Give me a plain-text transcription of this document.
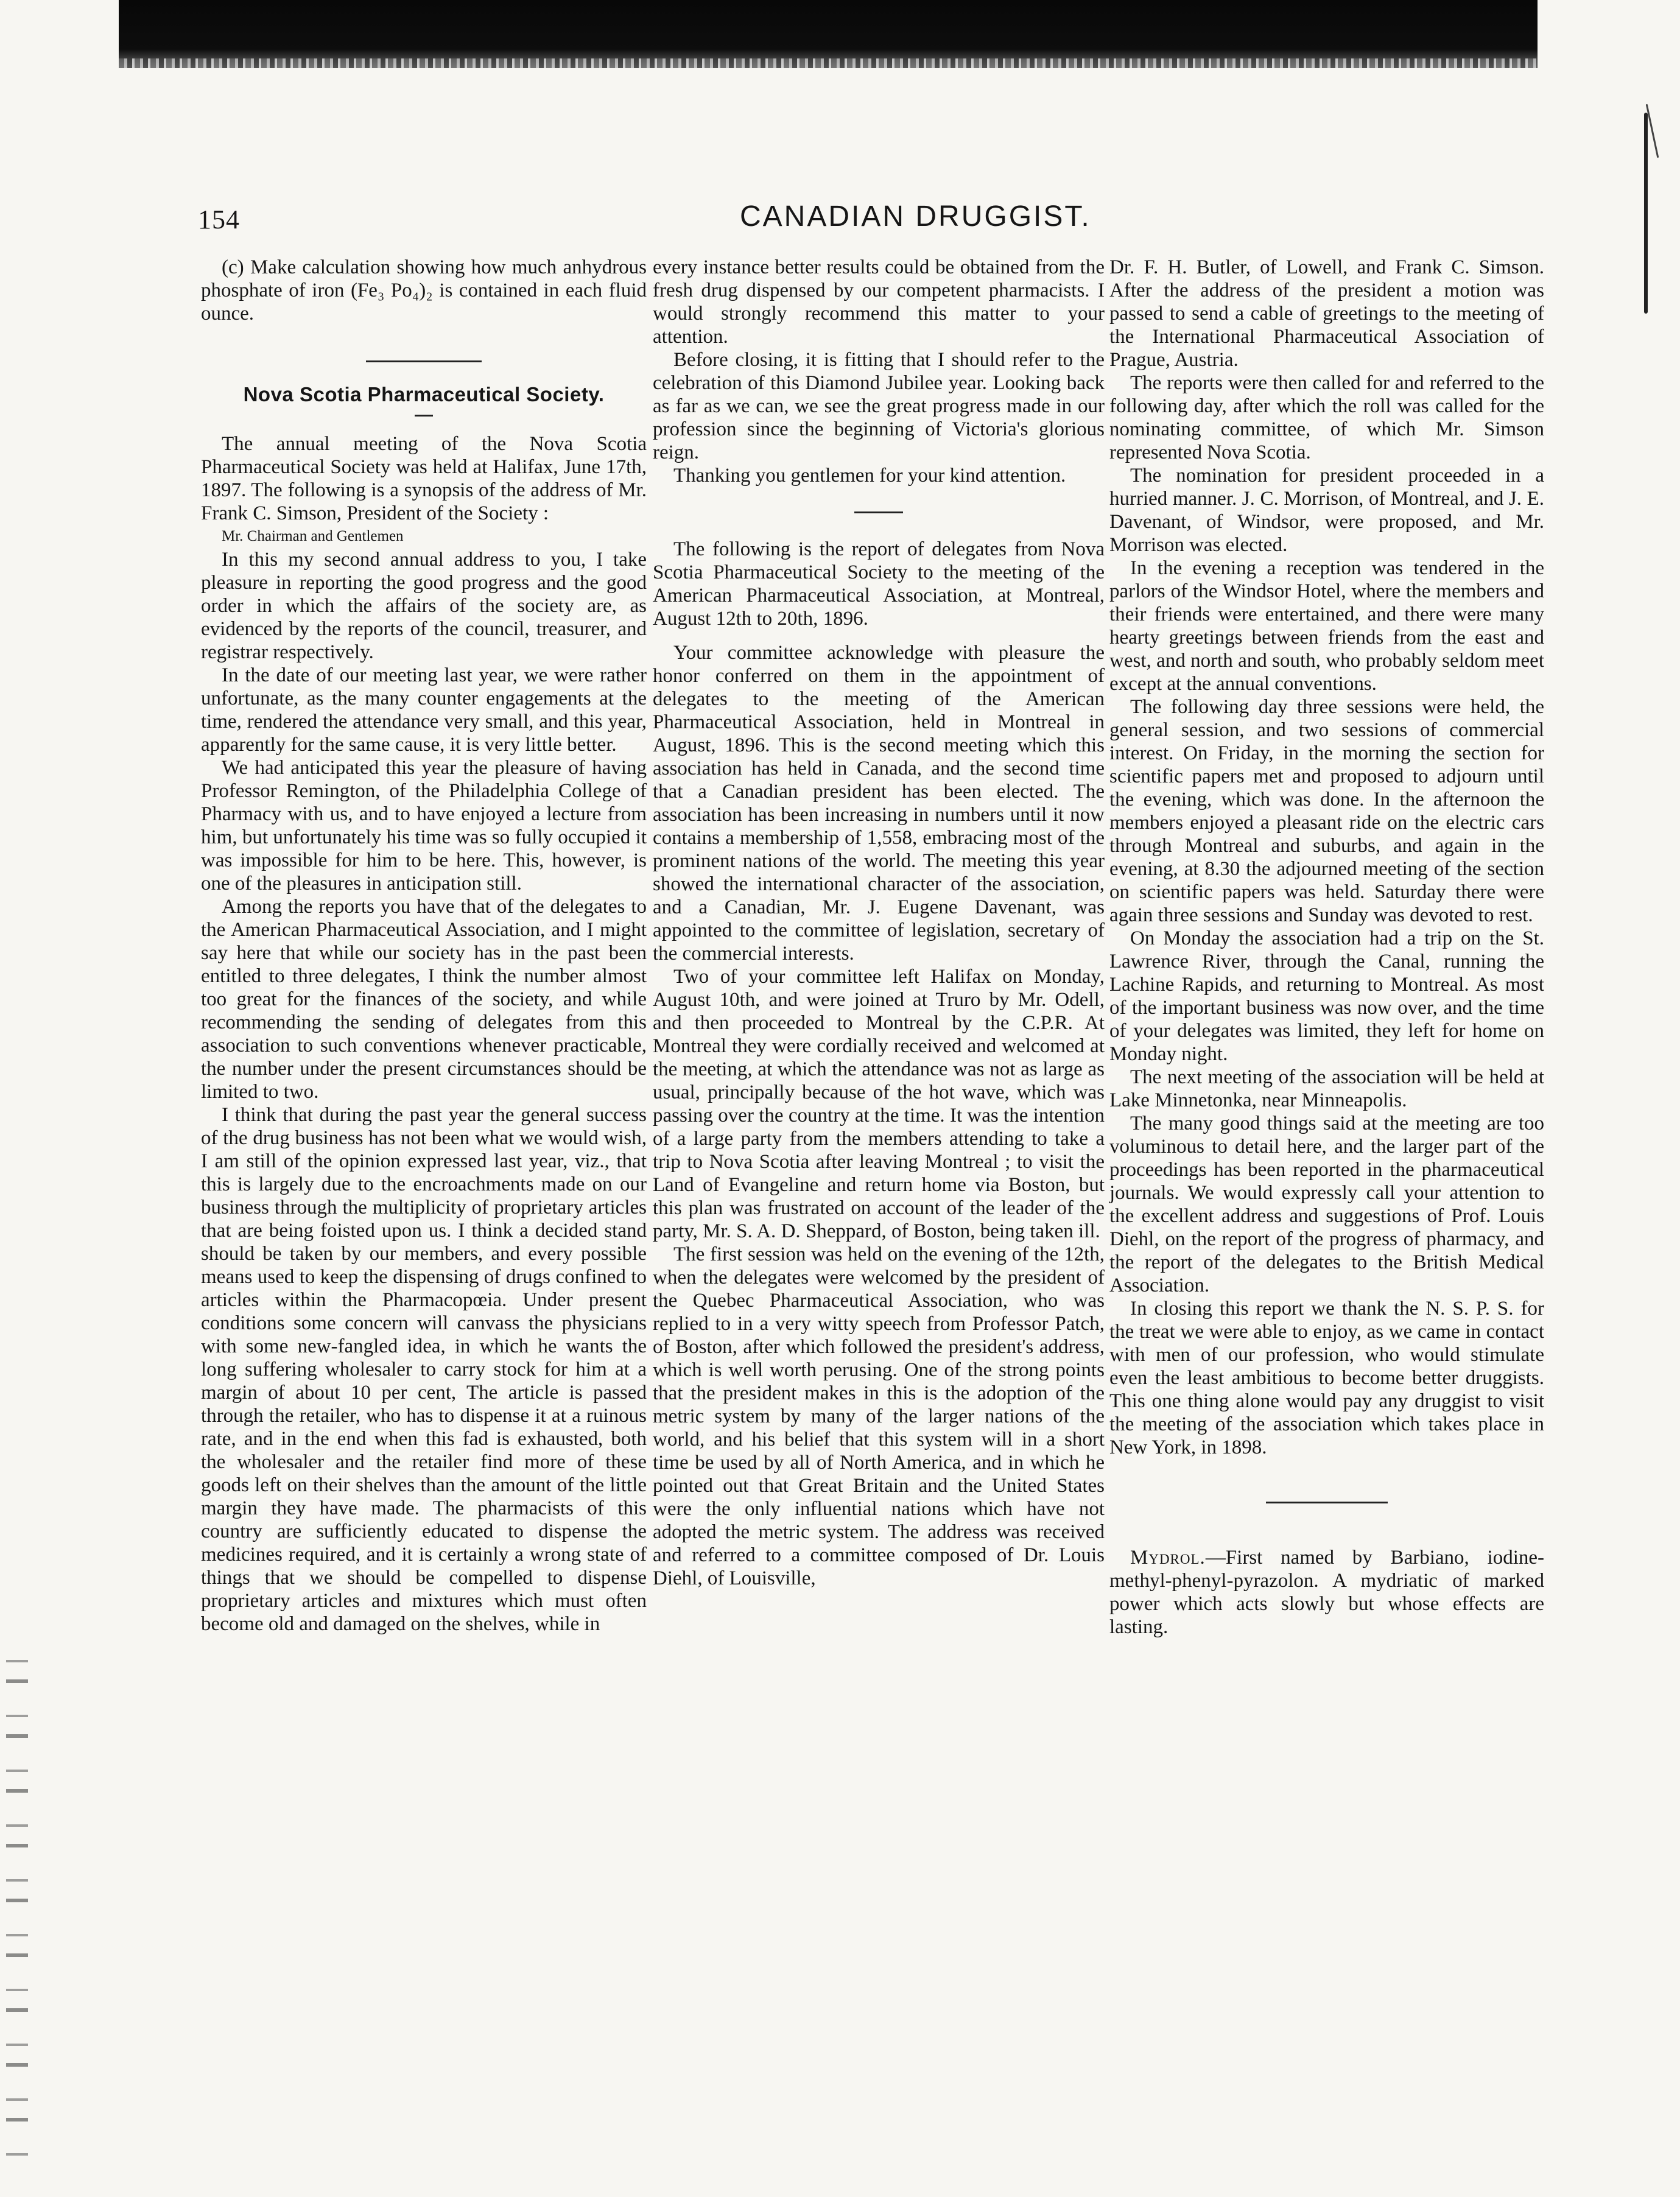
154	CANADIAN DRUGGIST.

(c) Make calculation showing how much anhydrous phosphate of iron (Fe₃ Po₄)₂ is contained in each fluid ounce.

Nova Scotia Pharmaceutical Society.

The annual meeting of the Nova Scotia Pharmaceutical Society was held at Halifax, June 17th, 1897. The following is a synopsis of the address of Mr. Frank C. Simson, President of the Society :

Mr. Chairman and Gentlemen

In this my second annual address to you, I take pleasure in reporting the good progress and the good order in which the affairs of the society are, as evidenced by the reports of the council, treasurer, and registrar respectively.

In the date of our meeting last year, we were rather unfortunate, as the many counter engagements at the time, rendered the attendance very small, and this year, apparently for the same cause, it is very little better.

We had anticipated this year the pleasure of having Professor Remington, of the Philadelphia College of Pharmacy with us, and to have enjoyed a lecture from him, but unfortunately his time was so fully occupied it was impossible for him to be here. This, however, is one of the pleasures in anticipation still.

Among the reports you have that of the delegates to the American Pharmaceutical Association, and I might say here that while our society has in the past been entitled to three delegates, I think the number almost too great for the finances of the society, and while recommending the sending of delegates from this association to such conventions whenever practicable, the number under the present circumstances should be limited to two.

I think that during the past year the general success of the drug business has not been what we would wish, I am still of the opinion expressed last year, viz., that this is largely due to the encroachments made on our business through the multiplicity of proprietary articles that are being foisted upon us. I think a decided stand should be taken by our members, and every possible means used to keep the dispensing of drugs confined to articles within the Pharmacopœia. Under present conditions some concern will canvass the physicians with some new-fangled idea, in which he wants the long suffering wholesaler to carry stock for him at a margin of about 10 per cent, The article is passed through the retailer, who has to dispense it at a ruinous rate, and in the end when this fad is exhausted, both the wholesaler and the retailer find more of these goods left on their shelves than the amount of the little margin they have made. The pharmacists of this country are sufficiently educated to dispense the medicines required, and it is certainly a wrong state of things that we should be compelled to dispense proprietary articles and mixtures which must often become old and damaged on the shelves, while in

every instance better results could be obtained from the fresh drug dispensed by our competent pharmacists. I would strongly recommend this matter to your attention.

Before closing, it is fitting that I should refer to the celebration of this Diamond Jubilee year. Looking back as far as we can, we see the great progress made in our profession since the beginning of Victoria's glorious reign.

Thanking you gentlemen for your kind attention.

The following is the report of delegates from Nova Scotia Pharmaceutical Society to the meeting of the American Pharmaceutical Association, at Montreal, August 12th to 20th, 1896.

Your committee acknowledge with pleasure the honor conferred on them in the appointment of delegates to the meeting of the American Pharmaceutical Association, held in Montreal in August, 1896. This is the second meeting which this association has held in Canada, and the second time that a Canadian president has been elected. The association has been increasing in numbers until it now contains a membership of 1,558, embracing most of the prominent nations of the world. The meeting this year showed the international character of the association, and a Canadian, Mr. J. Eugene Davenant, was appointed to the committee of legislation, secretary of the commercial interests.

Two of your committee left Halifax on Monday, August 10th, and were joined at Truro by Mr. Odell, and then proceeded to Montreal by the C.P.R. At Montreal they were cordially received and welcomed at the meeting, at which the attendance was not as large as usual, principally because of the hot wave, which was passing over the country at the time. It was the intention of a large party from the members attending to take a trip to Nova Scotia after leaving Montreal ; to visit the Land of Evangeline and return home via Boston, but this plan was frustrated on account of the leader of the party, Mr. S. A. D. Sheppard, of Boston, being taken ill.

The first session was held on the evening of the 12th, when the delegates were welcomed by the president of the Quebec Pharmaceutical Association, who was replied to in a very witty speech from Professor Patch, of Boston, after which followed the president's address, which is well worth perusing. One of the strong points that the president makes in this is the adoption of the metric system by many of the larger nations of the world, and his belief that this system will in a short time be used by all of North America, and in which he pointed out that Great Britain and the United States were the only influential nations which have not adopted the metric system. The address was received and referred to a committee composed of Dr. Louis Diehl, of Louisville,

Dr. F. H. Butler, of Lowell, and Frank C. Simson. After the address of the president a motion was passed to send a cable of greetings to the meeting of the International Pharmaceutical Association of Prague, Austria.

The reports were then called for and referred to the following day, after which the roll was called for the nominating committee, of which Mr. Simson represented Nova Scotia.

The nomination for president proceeded in a hurried manner. J. C. Morrison, of Montreal, and J. E. Davenant, of Windsor, were proposed, and Mr. Morrison was elected.

In the evening a reception was tendered in the parlors of the Windsor Hotel, where the members and their friends were entertained, and there were many hearty greetings between friends from the east and west, and north and south, who probably seldom meet except at the annual conventions.

The following day three sessions were held, the general session, and two sessions of commercial interest. On Friday, in the morning the section for scientific papers met and proposed to adjourn until the evening, which was done. In the afternoon the members enjoyed a pleasant ride on the electric cars through Montreal and suburbs, and again in the evening, at 8.30 the adjourned meeting of the section on scientific papers was held. Saturday there were again three sessions and Sunday was devoted to rest.

On Monday the association had a trip on the St. Lawrence River, through the Canal, running the Lachine Rapids, and returning to Montreal. As most of the important business was now over, and the time of your delegates was limited, they left for home on Monday night.

The next meeting of the association will be held at Lake Minnetonka, near Minneapolis.

The many good things said at the meeting are too voluminous to detail here, and the larger part of the proceedings has been reported in the pharmaceutical journals. We would expressly call your attention to the excellent address and suggestions of Prof. Louis Diehl, on the report of the progress of pharmacy, and the report of the delegates to the British Medical Association.

In closing this report we thank the N. S. P. S. for the treat we were able to enjoy, as we came in contact with men of our profession, who would stimulate even the least ambitious to become better druggists. This one thing alone would pay any druggist to visit the meeting of the association which takes place in New York, in 1898.

Mydrol.—First named by Barbiano, iodine-methyl-phenyl-pyrazolon. A mydriatic of marked power which acts slowly but whose effects are lasting.
